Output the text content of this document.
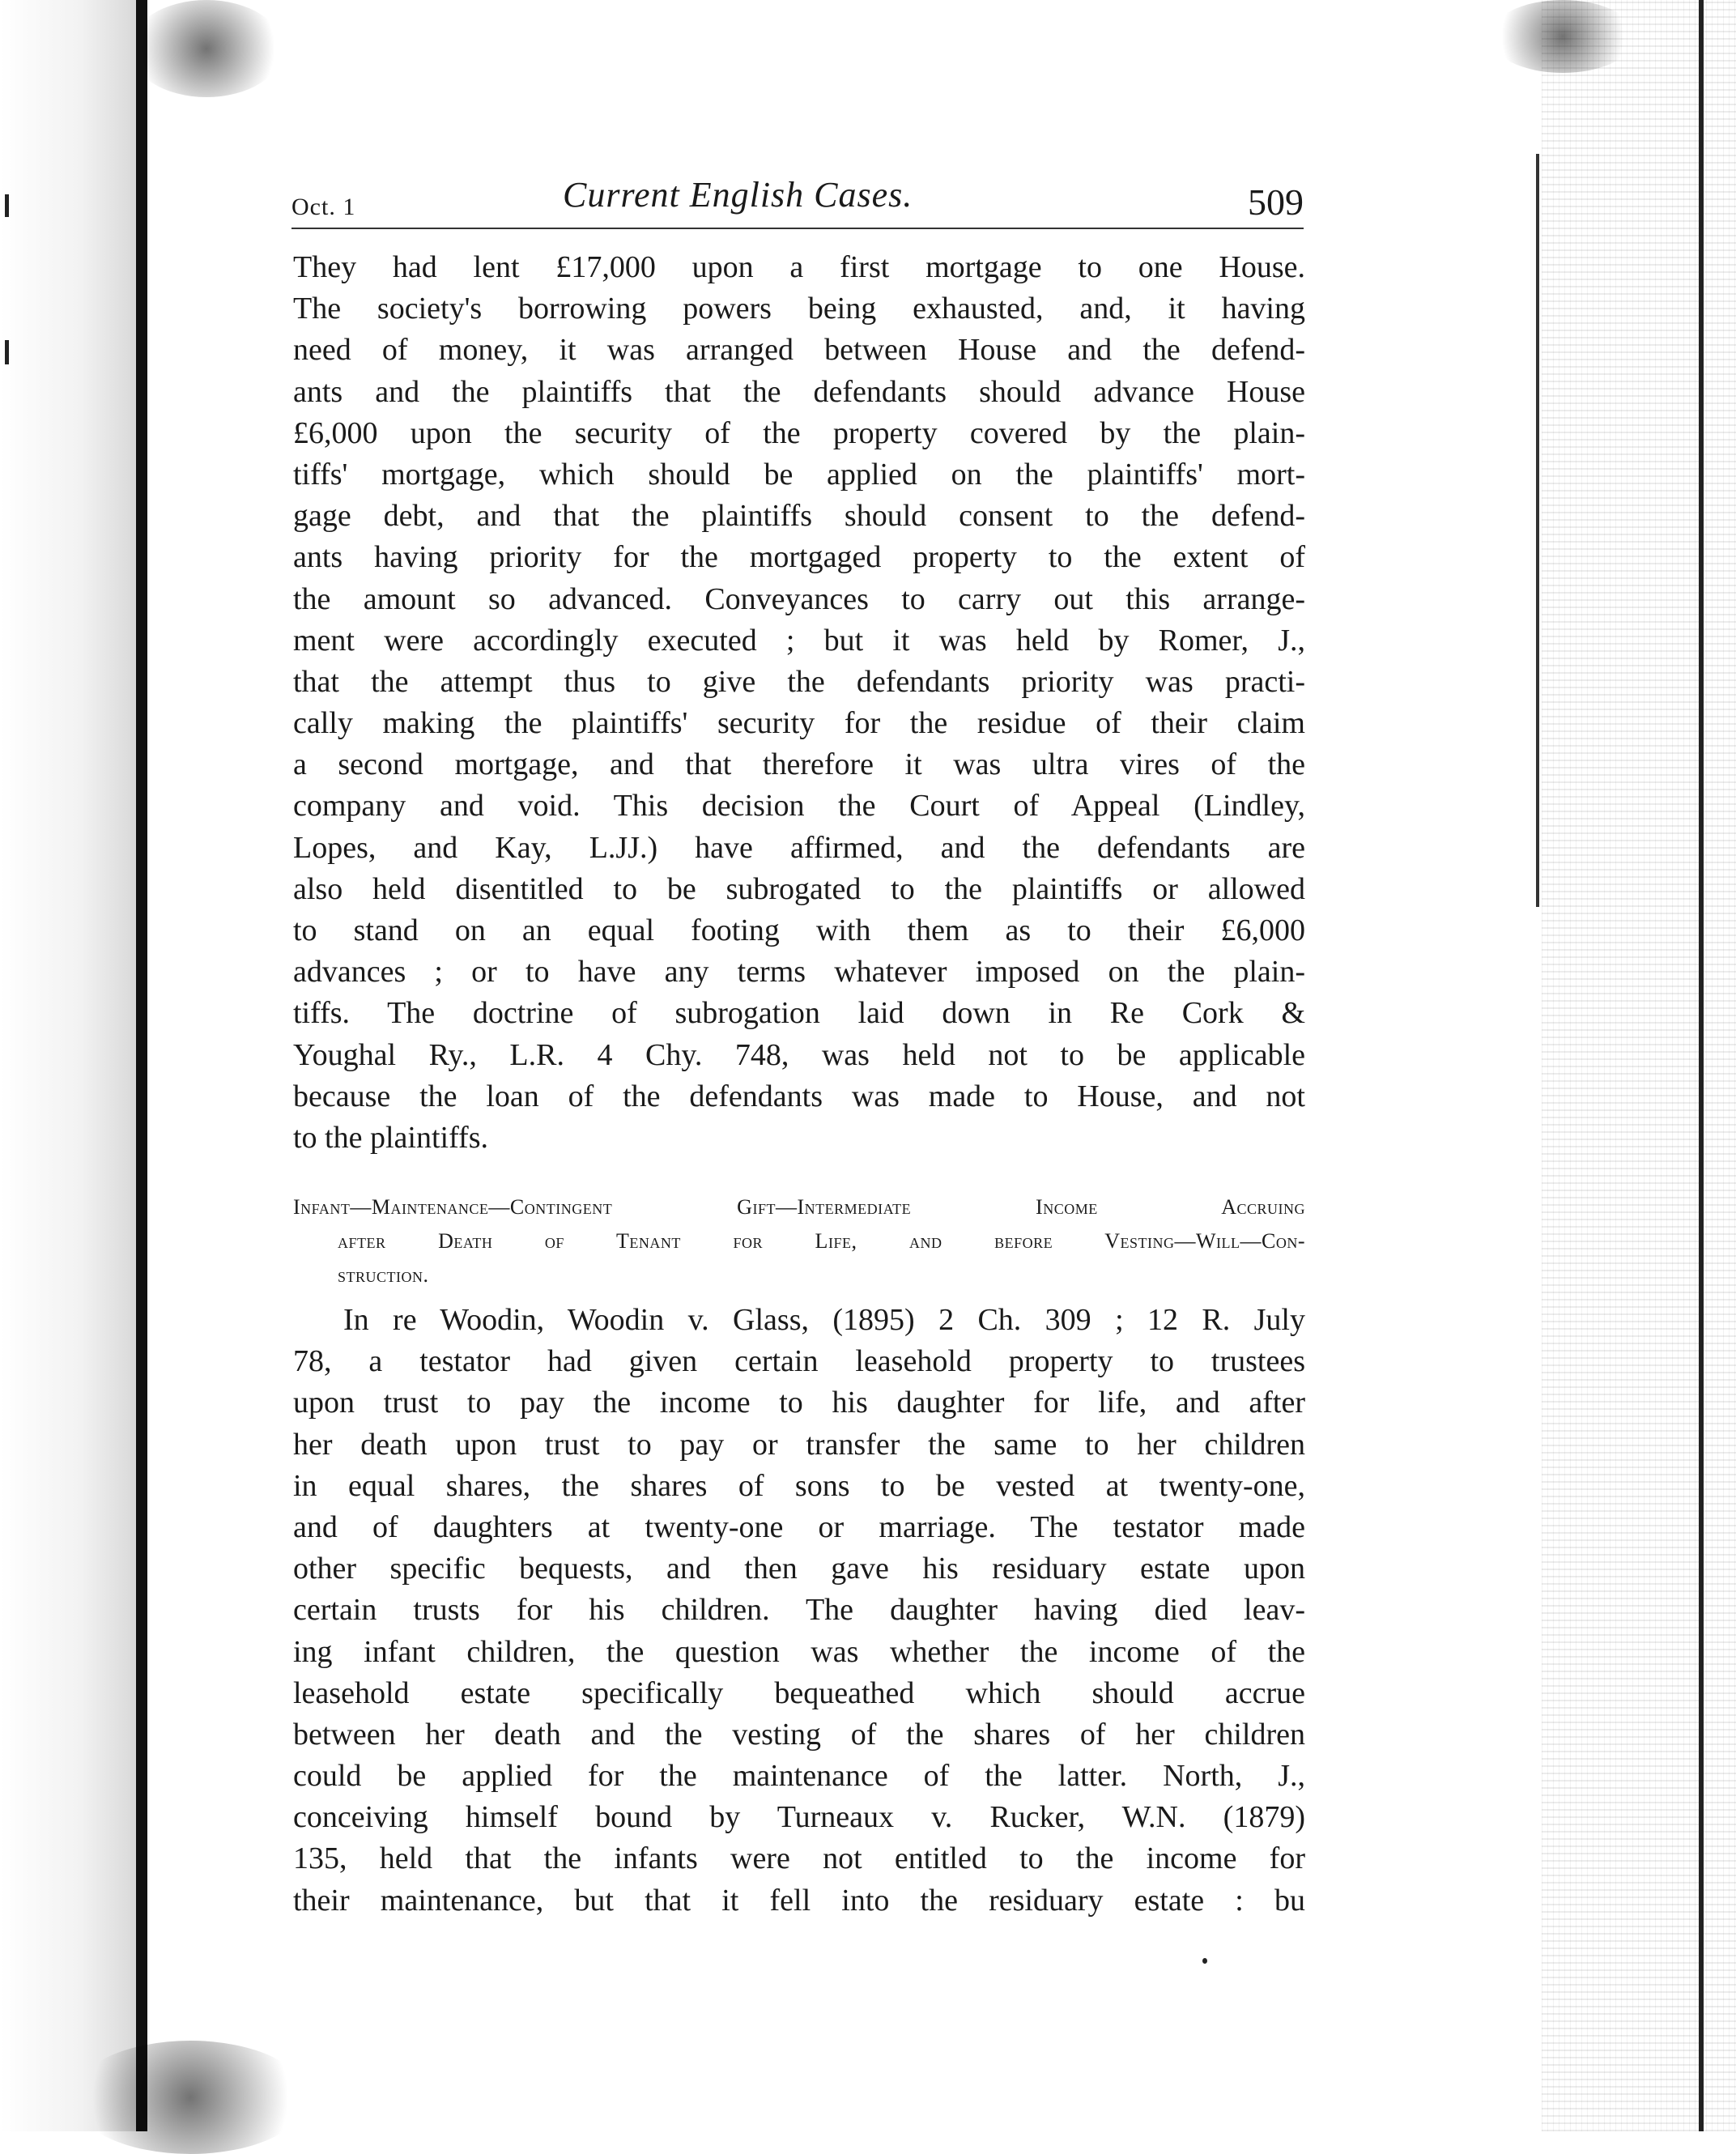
Oct. 1	Current English Cases.	509
They had lent £17,000 upon a first mortgage to one House.
The society's borrowing powers being exhausted, and, it having
need of money, it was arranged between House and the defend-
ants and the plaintiffs that the defendants should advance House
£6,000 upon the security of the property covered by the plain-
tiffs' mortgage, which should be applied on the plaintiffs' mort-
gage debt, and that the plaintiffs should consent to the defend-
ants having priority for the mortgaged property to the extent of
the amount so advanced. Conveyances to carry out this arrange-
ment were accordingly executed ; but it was held by Romer, J.,
that the attempt thus to give the defendants priority was practi-
cally making the plaintiffs' security for the residue of their claim
a second mortgage, and that therefore it was ultra vires of the
company and void. This decision the Court of Appeal (Lindley,
Lopes, and Kay, L.JJ.) have affirmed, and the defendants are
also held disentitled to be subrogated to the plaintiffs or allowed
to stand on an equal footing with them as to their £6,000
advances ; or to have any terms whatever imposed on the plain-
tiffs. The doctrine of subrogation laid down in Re Cork &
Youghal Ry., L.R. 4 Chy. 748, was held not to be applicable
because the loan of the defendants was made to House, and not
to the plaintiffs.
Infant—Maintenance—Contingent Gift—Intermediate Income Accruing
after Death of Tenant for Life, and before Vesting—Will—Con-
struction.
In re Woodin, Woodin v. Glass, (1895) 2 Ch. 309 ; 12 R. July
78, a testator had given certain leasehold property to trustees
upon trust to pay the income to his daughter for life, and after
her death upon trust to pay or transfer the same to her children
in equal shares, the shares of sons to be vested at twenty-one,
and of daughters at twenty-one or marriage. The testator made
other specific bequests, and then gave his residuary estate upon
certain trusts for his children. The daughter having died leav-
ing infant children, the question was whether the income of the
leasehold estate specifically bequeathed which should accrue
between her death and the vesting of the shares of her children
could be applied for the maintenance of the latter. North, J.,
conceiving himself bound by Turneaux v. Rucker, W.N. (1879)
135, held that the infants were not entitled to the income for
their maintenance, but that it fell into the residuary estate : bu
